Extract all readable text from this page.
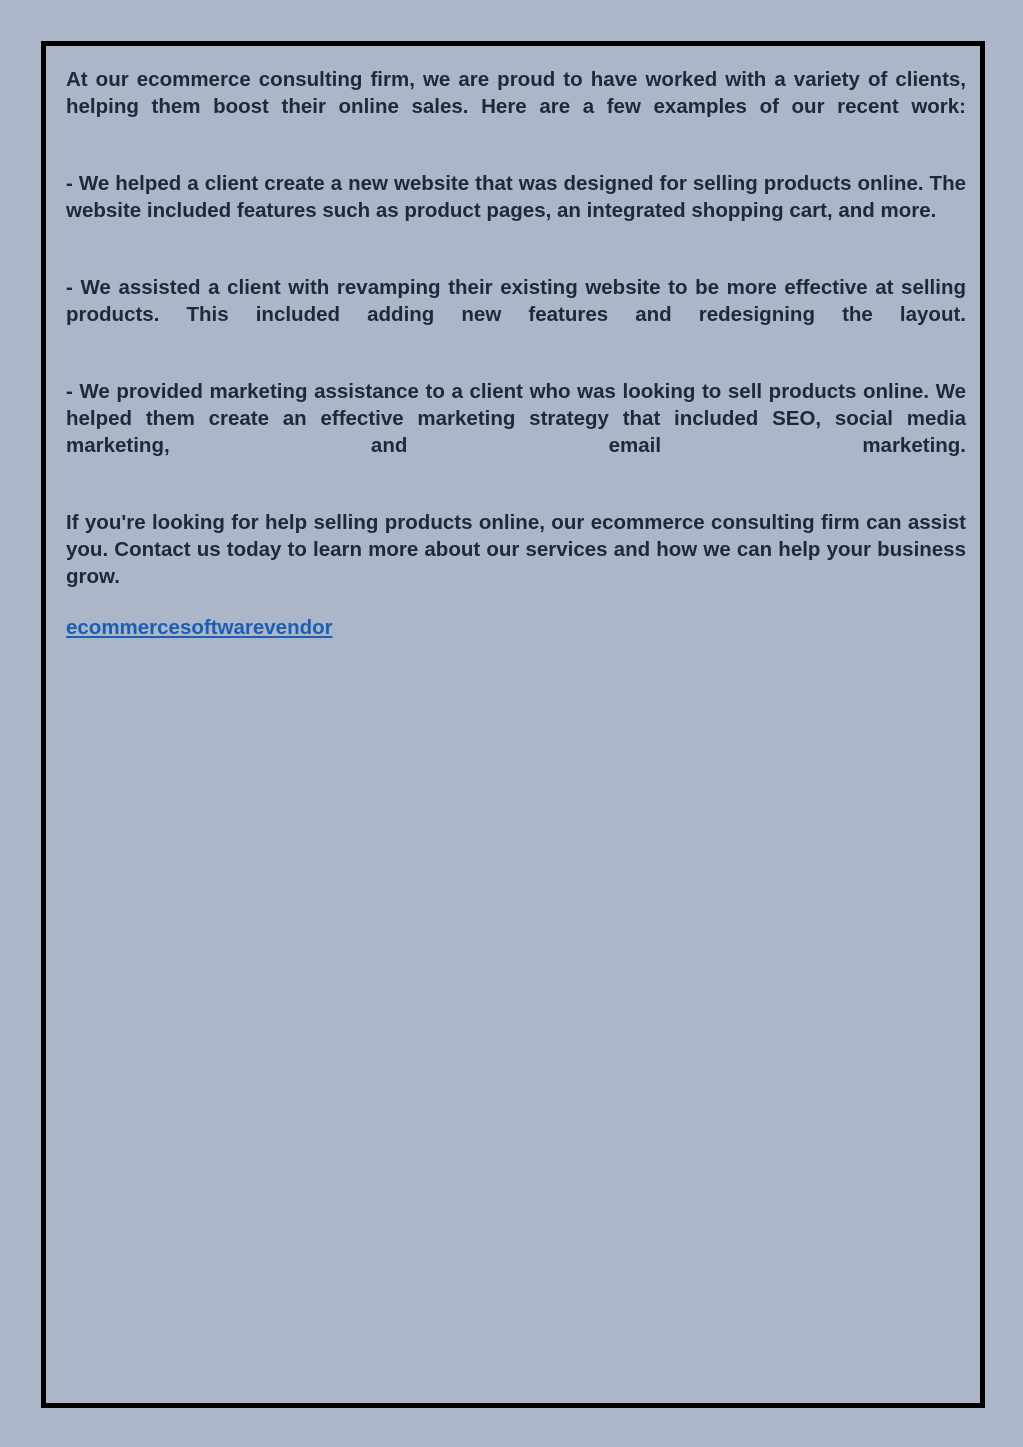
At our ecommerce consulting firm, we are proud to have worked with a variety of clients, helping them boost their online sales. Here are a few examples of our recent work:

- We helped a client create a new website that was designed for selling products online. The website included features such as product pages, an integrated shopping cart, and more.

- We assisted a client with revamping their existing website to be more effective at selling products. This included adding new features and redesigning the layout.

- We provided marketing assistance to a client who was looking to sell products online. We helped them create an effective marketing strategy that included SEO, social media marketing, and email marketing.

If you're looking for help selling products online, our ecommerce consulting firm can assist you. Contact us today to learn more about our services and how we can help your business grow.

ecommercesoftwarevendor
